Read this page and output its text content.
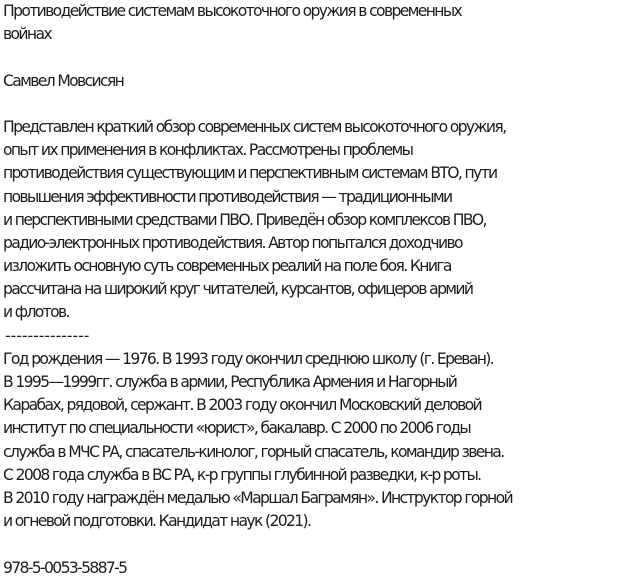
Противодействие системам высокоточного оружия в современных
войнах
Самвел Мовсисян
Представлен краткий обзор современных систем высокоточного оружия,
опыт их применения в конфликтах. Рассмотрены проблемы
противодействия существующим и перспективным системам ВТО, пути
повышения эффективности противодействия — традиционными
и перспективными средствами ПВО. Приведён обзор комплексов ПВО,
радио-электронных противодействия. Автор попытался доходчиво
изложить основную суть современных реалий на поле боя. Книга
рассчитана на широкий круг читателей, курсантов, офицеров армий
и флотов.
---------------
Год рождения — 1976. В 1993 году окончил среднюю школу (г. Ереван).
В 1995—1999гг. служба в армии, Республика Армения и Нагорный
Карабах, рядовой, сержант. В 2003 году окончил Московский деловой
институт по специальности «юрист», бакалавр. С 2000 по 2006 годы
служба в МЧС РА, спасатель-кинолог, горный спасатель, командир звена.
С 2008 года служба в ВС РА, к-р группы глубинной разведки, к-р роты.
В 2010 году награждён медалью «Маршал Баграмян». Инструктор горной
и огневой подготовки. Кандидат наук (2021).
978-5-0053-5887-5
